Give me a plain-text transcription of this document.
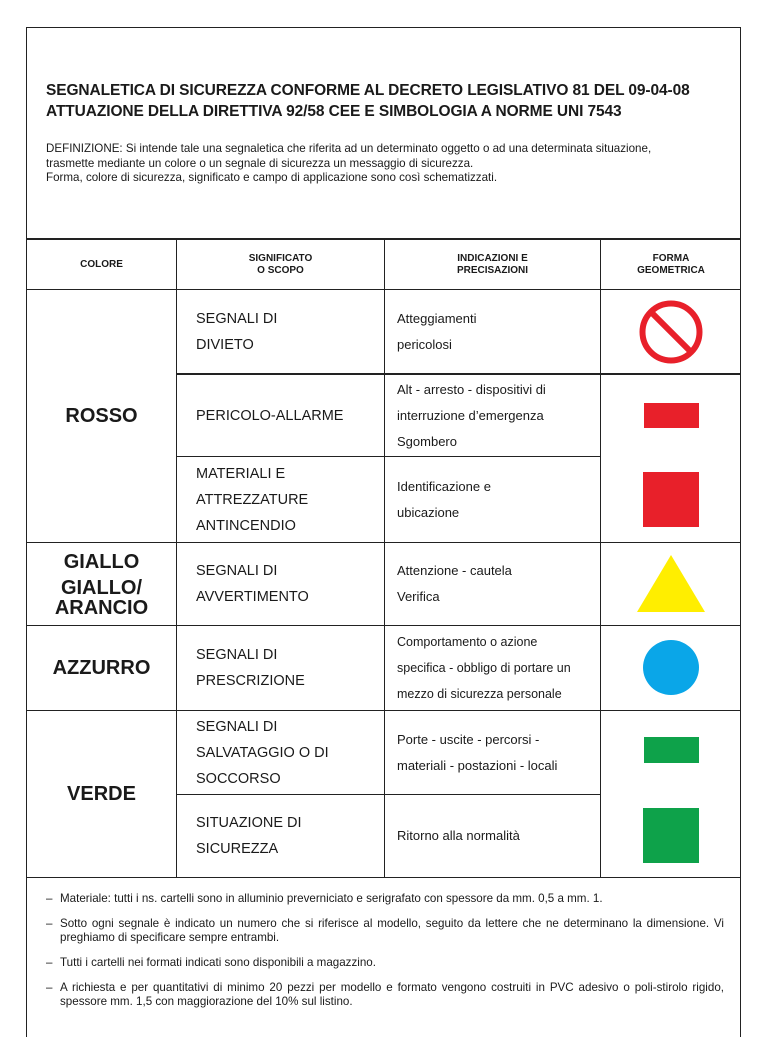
SEGNALETICA DI SICUREZZA CONFORME AL DECRETO LEGISLATIVO 81 DEL 09-04-08
ATTUAZIONE DELLA DIRETTIVA 92/58 CEE E SIMBOLOGIA A NORME UNI 7543
DEFINIZIONE: Si intende tale una segnaletica che riferita ad un determinato oggetto o ad una determinata situazione,
trasmette mediante un colore o un segnale di sicurezza un messaggio di sicurezza.
Forma, colore di sicurezza, significato e campo di applicazione sono così schematizzati.
COLORE
SIGNIFICATO
O SCOPO
INDICAZIONI E
PRECISAZIONI
FORMA
GEOMETRICA
ROSSO
GIALLO
GIALLO/
ARANCIO
AZZURRO
VERDE
SEGNALI DI
DIVIETO
PERICOLO-ALLARME
MATERIALI E
ATTREZZATURE
ANTINCENDIO
SEGNALI DI
AVVERTIMENTO
SEGNALI DI
PRESCRIZIONE
SEGNALI DI
SALVATAGGIO O DI
SOCCORSO
SITUAZIONE DI
SICUREZZA
Atteggiamenti
pericolosi
Alt - arresto - dispositivi di
interruzione d’emergenza
Sgombero
Identificazione e
ubicazione
Attenzione - cautela
Verifica
Comportamento o azione
specifica - obbligo di portare un
mezzo di sicurezza personale
Porte - uscite - percorsi -
materiali - postazioni - locali
Ritorno alla normalità
– Materiale: tutti i ns. cartelli sono in alluminio preverniciato e serigrafato con spessore da mm. 0,5 a mm. 1.
– Sotto ogni segnale è indicato un numero che si riferisce al modello, seguito da lettere che ne determinano la dimensione. Vi preghiamo di specificare sempre entrambi.
– Tutti i cartelli nei formati indicati sono disponibili a magazzino.
– A richiesta e per quantitativi di minimo 20 pezzi per modello e formato vengono costruiti in PVC adesivo o poli-stirolo rigido, spessore mm. 1,5 con maggiorazione del 10% sul listino.
